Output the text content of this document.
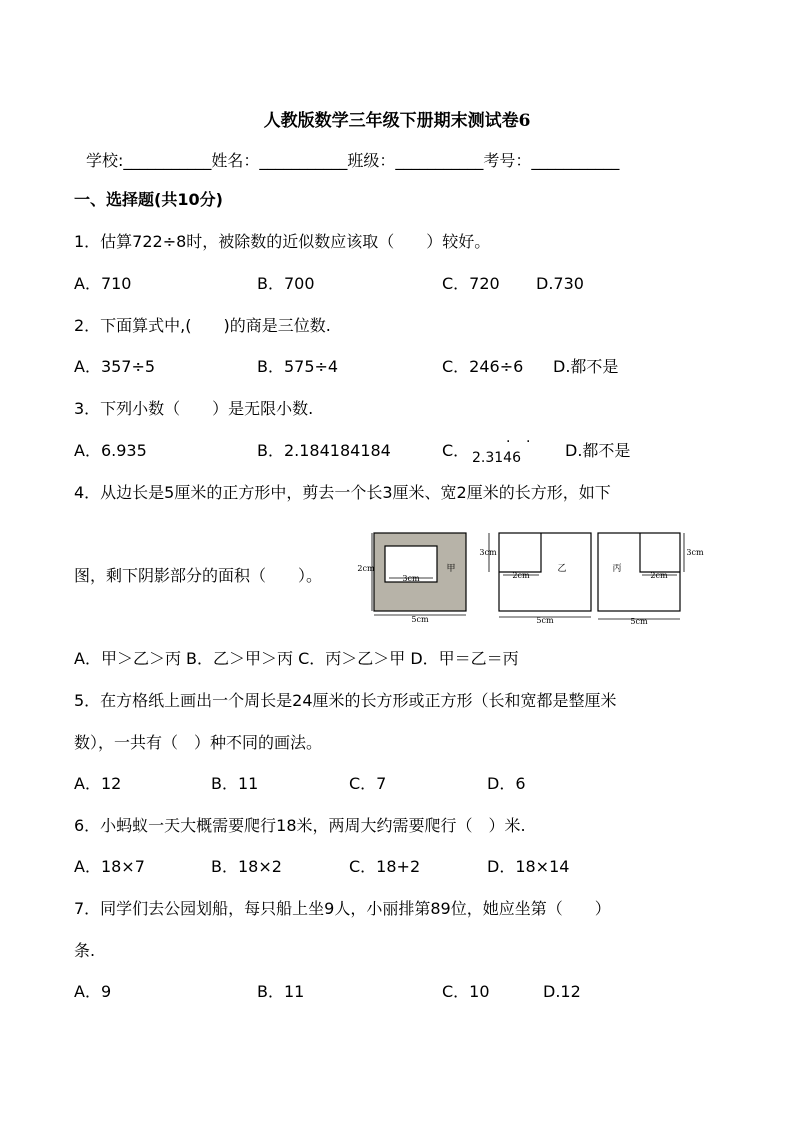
人教版数学三年级下册期末测试卷6
学校:___________姓名：___________班级：___________考号：___________
一、选择题(共10分)
1．估算722÷8时，被除数的近似数应该取（　　）较好。
A．710	B．700	C．720 D.730
2．下面算式中,(　　)的商是三位数.
A．357÷5	B．575÷4	C．246÷6 D.都不是
3．下列小数（　　）是无限小数.
A．6.935	B．2.184184184	C． 2.3146
· · D.都不是
4．从边长是5厘米的正方形中，剪去一个长3厘米、宽2厘米的长方形，如下
图，剩下阴影部分的面积（　　）。	2cm
3cm
甲
5cm
3cm
2cm
乙
5cm
3cm
2cm
丙
5cm
A．甲＞乙＞丙 B．乙＞甲＞丙 C．丙＞乙＞甲 D．甲＝乙＝丙
5．在方格纸上画出一个周长是24厘米的长方形或正方形（长和宽都是整厘米
数），一共有（　）种不同的画法。
A．12	B．11	C．7	D．6
6．小蚂蚁一天大概需要爬行18米，两周大约需要爬行（　）米.
A．18×7	B．18×2	C．18+2	D．18×14
7．同学们去公园划船，每只船上坐9人，小丽排第89位，她应坐第（　　）
条.
A．9	B．11	C．10	D.12
